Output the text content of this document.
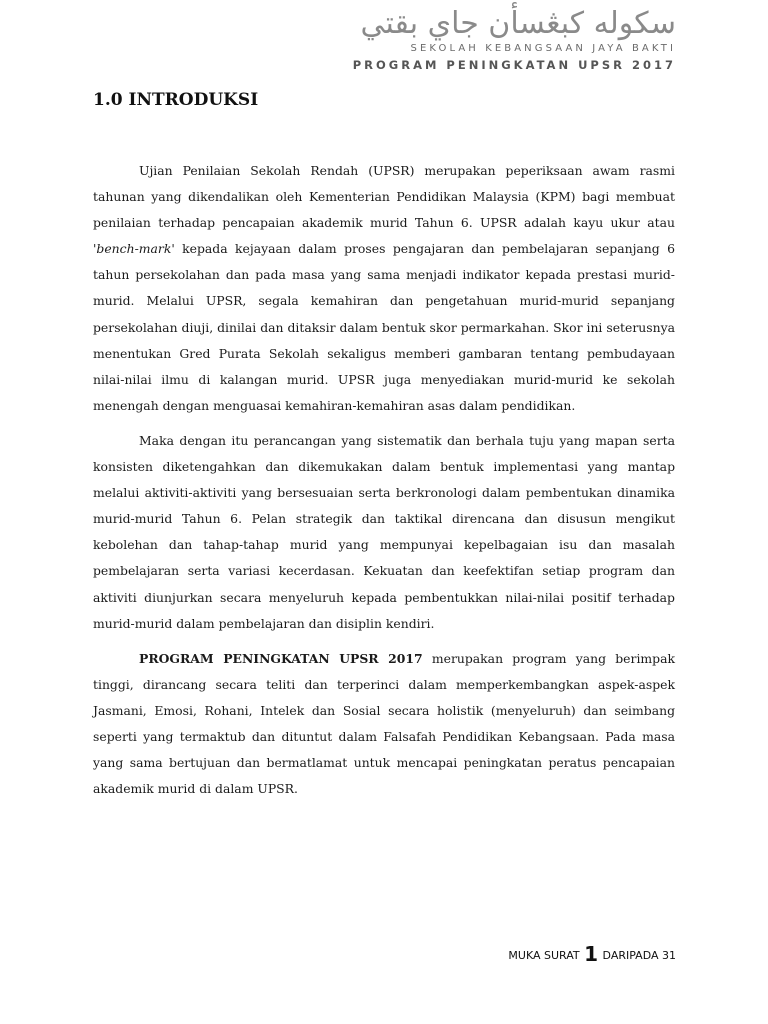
سکوله کبڠسأن جاي بقتي
SEKOLAH KEBANGSAAN JAYA BAKTI
PROGRAM PENINGKATAN UPSR 2017
1.0 INTRODUKSI

Ujian Penilaian Sekolah Rendah (UPSR) merupakan peperiksaan awam rasmi tahunan yang dikendalikan oleh Kementerian Pendidikan Malaysia (KPM) bagi membuat penilaian terhadap pencapaian akademik murid Tahun 6. UPSR adalah kayu ukur atau 'bench-mark' kepada kejayaan dalam proses pengajaran dan pembelajaran sepanjang 6 tahun persekolahan dan pada masa yang sama menjadi indikator kepada prestasi murid-murid. Melalui UPSR, segala kemahiran dan pengetahuan murid-murid sepanjang persekolahan diuji, dinilai dan ditaksir dalam bentuk skor permarkahan. Skor ini seterusnya menentukan Gred Purata Sekolah sekaligus memberi gambaran tentang pembudayaan nilai-nilai ilmu di kalangan murid. UPSR juga menyediakan murid-murid ke sekolah menengah dengan menguasai kemahiran-kemahiran asas dalam pendidikan.

Maka dengan itu perancangan yang sistematik dan berhala tuju yang mapan serta konsisten diketengahkan dan dikemukakan dalam bentuk implementasi yang mantap melalui aktiviti-aktiviti yang bersesuaian serta berkronologi dalam pembentukan dinamika murid-murid Tahun 6. Pelan strategik dan taktikal direncana dan disusun mengikut kebolehan dan tahap-tahap murid yang mempunyai kepelbagaian isu dan masalah pembelajaran serta variasi kecerdasan. Kekuatan dan keefektifan setiap program dan aktiviti diunjurkan secara menyeluruh kepada pembentukkan nilai-nilai positif terhadap murid-murid dalam pembelajaran dan disiplin kendiri.

PROGRAM PENINGKATAN UPSR 2017 merupakan program yang berimpak tinggi, dirancang secara teliti dan terperinci dalam memperkembangkan aspek-aspek Jasmani, Emosi, Rohani, Intelek dan Sosial secara holistik (menyeluruh) dan seimbang seperti yang termaktub dan dituntut dalam Falsafah Pendidikan Kebangsaan. Pada masa yang sama bertujuan dan bermatlamat untuk mencapai peningkatan peratus pencapaian akademik murid di dalam UPSR.

MUKA SURAT 1 DARIPADA 31
